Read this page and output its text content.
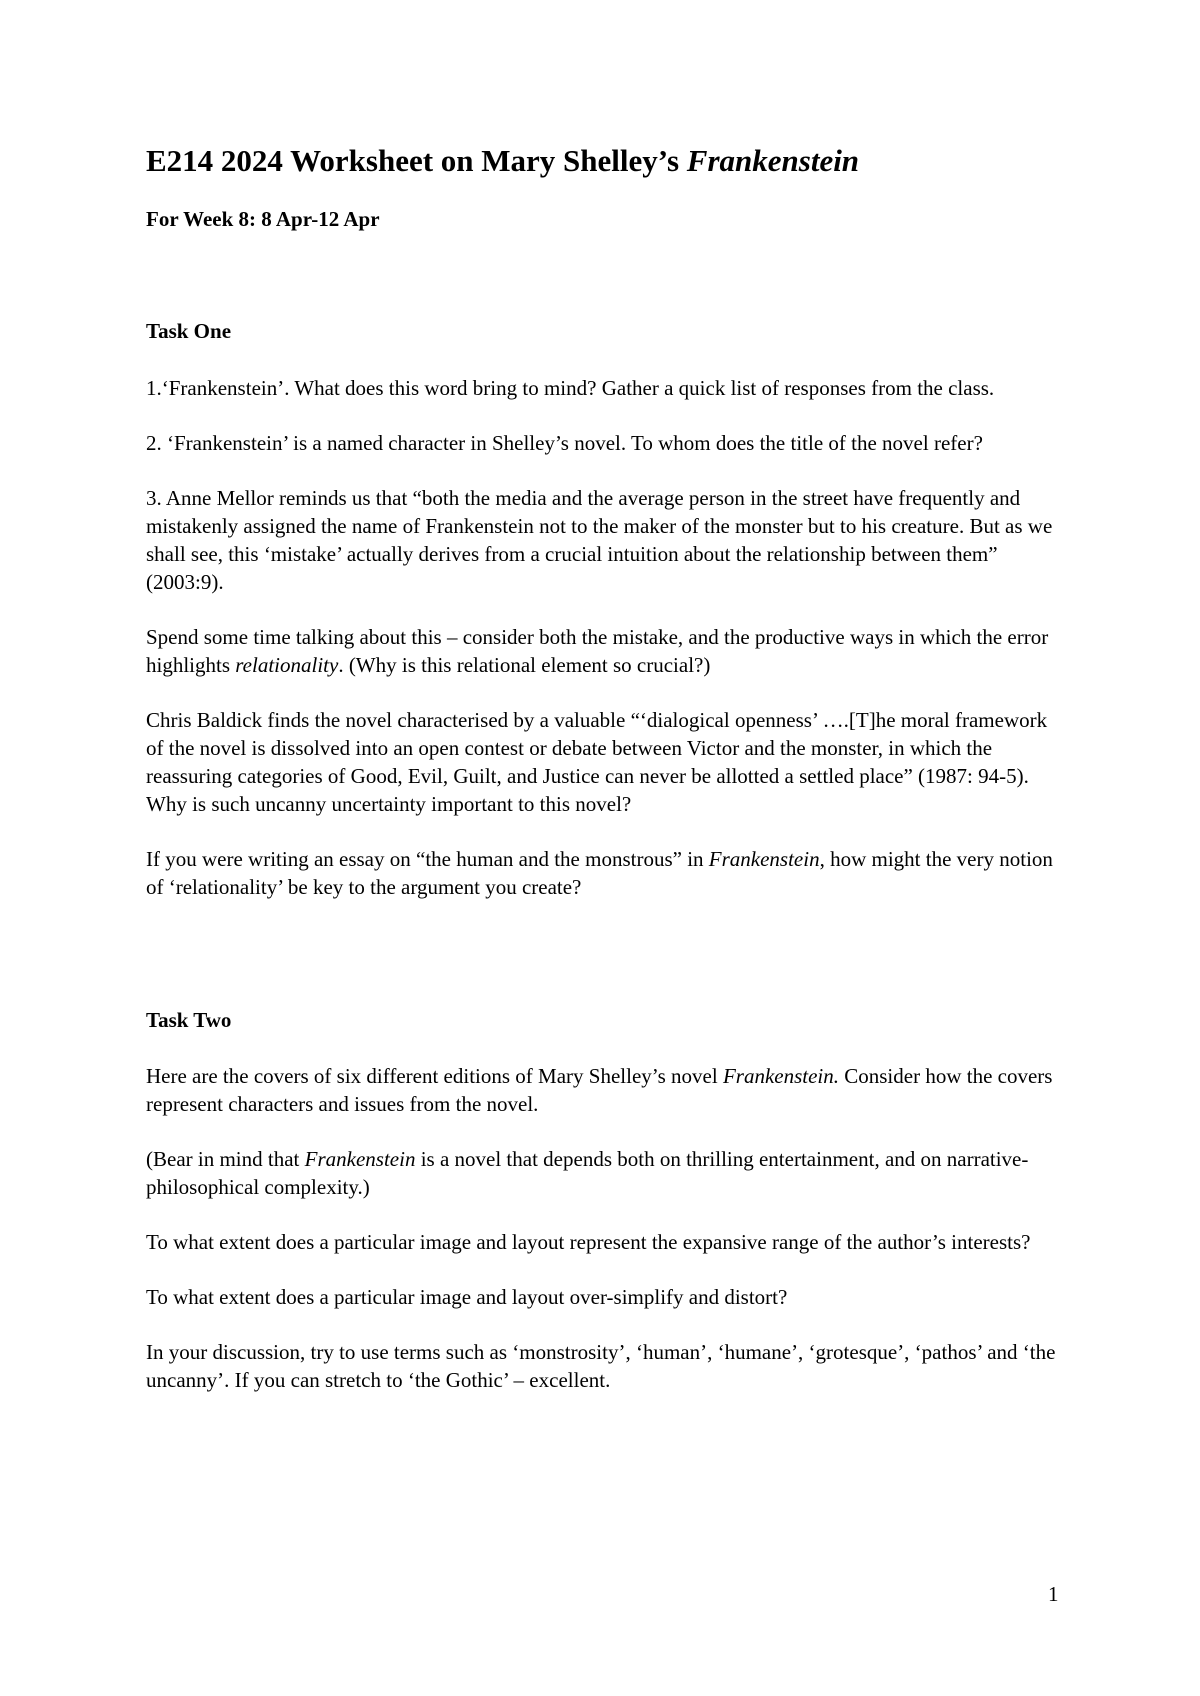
E214 2024 Worksheet on Mary Shelley’s Frankenstein
For Week 8: 8 Apr-12 Apr
Task One

1.‘Frankenstein’. What does this word bring to mind? Gather a quick list of responses from the class.

2. ‘Frankenstein’ is a named character in Shelley’s novel. To whom does the title of the novel refer?

3. Anne Mellor reminds us that “both the media and the average person in the street have frequently and mistakenly assigned the name of Frankenstein not to the maker of the monster but to his creature. But as we shall see, this ‘mistake’ actually derives from a crucial intuition about the relationship between them” (2003:9).

Spend some time talking about this – consider both the mistake, and the productive ways in which the error highlights relationality. (Why is this relational element so crucial?)

Chris Baldick finds the novel characterised by a valuable “‘dialogical openness’ ….[T]he moral framework of the novel is dissolved into an open contest or debate between Victor and the monster, in which the reassuring categories of Good, Evil, Guilt, and Justice can never be allotted a settled place” (1987: 94-5). Why is such uncanny uncertainty important to this novel?

If you were writing an essay on “the human and the monstrous” in Frankenstein, how might the very notion of ‘relationality’ be key to the argument you create?

Task Two

Here are the covers of six different editions of Mary Shelley’s novel Frankenstein. Consider how the covers represent characters and issues from the novel.

(Bear in mind that Frankenstein is a novel that depends both on thrilling entertainment, and on narrative-philosophical complexity.)

To what extent does a particular image and layout represent the expansive range of the author’s interests?

To what extent does a particular image and layout over-simplify and distort?

In your discussion, try to use terms such as ‘monstrosity’, ‘human’, ‘humane’, ‘grotesque’, ‘pathos’ and ‘the uncanny’. If you can stretch to ‘the Gothic’ – excellent.

1
